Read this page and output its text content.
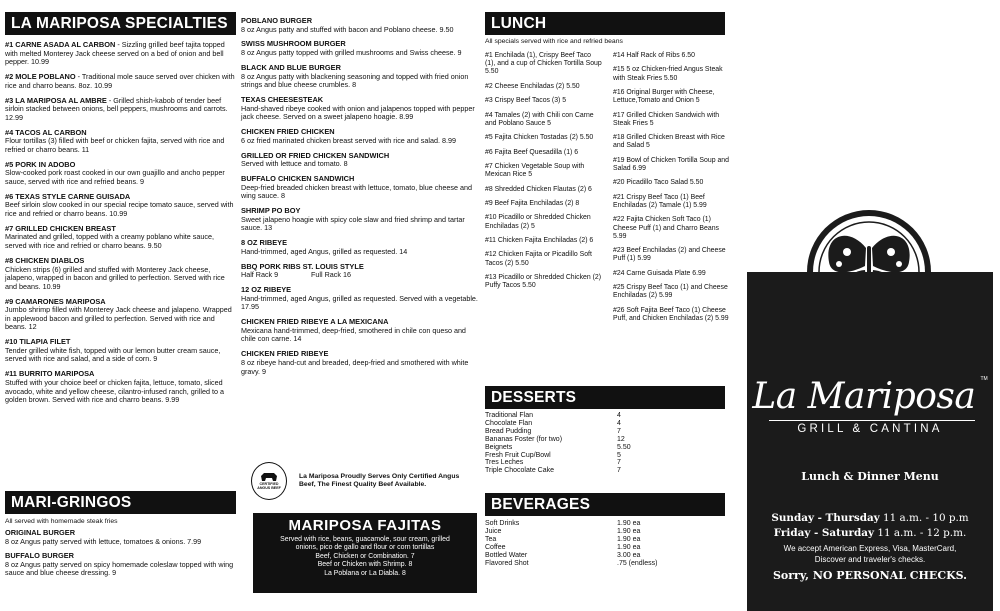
LA MARIPOSA SPECIALTIES
#1 CARNE ASADA AL CARBON - Sizzling grilled beef tajita topped with melted Monterey Jack cheese served on a bed of onion and bell pepper. 10.99
#2 MOLE POBLANO - Traditional mole sauce served over chicken with rice and charro beans. 8oz. 10.99
#3 LA MARIPOSA AL AMBRE - Grilled shish-kabob of tender beef sirloin stacked between onions, bell peppers, mushrooms and carrots. 12.99
#4 TACOS AL CARBON
Flour tortillas (3) filled with beef or chicken fajita, served with rice and refried or charro beans. 11
#5 PORK IN ADOBO
Slow-cooked pork roast cooked in our own guajillo and ancho pepper sauce, served with rice and refried beans. 9
#6 TEXAS STYLE CARNE GUISADA
Beef sirloin slow cooked in our special recipe tomato sauce, served with rice and refried or charro beans. 10.99
#7 GRILLED CHICKEN BREAST
Marinated and grilled, topped with a creamy poblano white sauce, served with rice and refried or charro beans. 9.50
#8 CHICKEN DIABLOS
Chicken strips (6) grilled and stuffed with Monterey Jack cheese, jalapeno, wrapped in bacon and grilled to perfection. Served with rice and beans. 10.99
#9 CAMARONES MARIPOSA
Jumbo shrimp filled with Monterey Jack cheese and jalapeno. Wrapped in applewood bacon and grilled to perfection. Served with rice and beans. 12
#10 TILAPIA FILET
Tender grilled white fish, topped with our lemon butter cream sauce, served with rice and salad, and a side of corn. 9
#11 BURRITO MARIPOSA
Stuffed with your choice beef or chicken fajita, lettuce, tomato, sliced avocado, white and yellow cheese, cilantro-infused ranch, grilled to a golden brown. Served with rice and charro beans. 9.99
MARI-GRINGOS
All served with homemade steak fries
ORIGINAL BURGER
8 oz Angus patty served with lettuce, tomatoes & onions. 7.99
BUFFALO BURGER
8 oz Angus patty served on spicy homemade coleslaw topped with wing sauce and blue cheese dressing. 9
POBLANO BURGER
8 oz Angus patty and stuffed with bacon and Poblano cheese. 9.50
SWISS MUSHROOM BURGER
8 oz Angus patty topped with grilled mushrooms and Swiss cheese. 9
BLACK AND BLUE BURGER
8 oz Angus patty with blackening seasoning and topped with fried onion strings and blue cheese crumbles. 8
TEXAS CHEESESTEAK
Hand-shaved ribeye cooked with onion and jalapenos topped with pepper jack cheese. Served on a sweet jalapeno hoagie. 8.99
CHICKEN FRIED CHICKEN
6 oz fried marinated chicken breast served with rice and salad. 8.99
GRILLED OR FRIED CHICKEN SANDWICH
Served with lettuce and tomato. 8
BUFFALO CHICKEN SANDWICH
Deep-fried breaded chicken breast with lettuce, tomato, blue cheese and wing sauce. 8
SHRIMP PO BOY
Sweet jalapeno hoagie with spicy cole slaw and fried shrimp and tartar sauce. 13
8 OZ RIBEYE
Hand-trimmed, aged Angus, grilled as requested. 14
BBQ PORK RIBS ST. LOUIS STYLE
Half Rack 9	Full Rack 16
12 OZ RIBEYE
Hand-trimmed, aged Angus, grilled as requested. Served with a vegetable. 17.95
CHICKEN FRIED RIBEYE A LA MEXICANA
Mexicana hand-trimmed, deep-fried, smothered in chile con queso and chile con carne. 14
CHICKEN FRIED RIBEYE
8 oz ribeye hand-cut and breaded, deep-fried and smothered with white gravy. 9
CERTIFIED ANGUS BEEF
La Mariposa Proudly Serves Only Certified Angus Beef, The Finest Quality Beef Available.
MARIPOSA FAJITAS
Served with rice, beans, guacamole, sour cream, grilled
onions, pico de gallo and flour or corn tortillas
Beef, Chicken or Combination. 7
Beef or Chicken with Shrimp. 8
La Poblana or La Diabla. 8
LUNCH
All specials served with rice and refried beans
#1 Enchilada (1), Crispy Beef Taco (1), and a cup of Chicken Tortilla Soup 5.50
#2 Cheese Enchiladas (2) 5.50
#3 Crispy Beef Tacos (3) 5
#4 Tamales (2) with Chili con Carne and Poblano Sauce 5
#5 Fajita Chicken Tostadas (2) 5.50
#6 Fajita Beef Quesadilla (1) 6
#7 Chicken Vegetable Soup with Mexican Rice 5
#8 Shredded Chicken Flautas (2) 6
#9 Beef Fajita Enchiladas (2) 8
#10 Picadillo or Shredded Chicken Enchiladas (2) 5
#11 Chicken Fajita Enchiladas (2) 6
#12 Chicken Fajita or Picadillo Soft Tacos (2) 5.50
#13 Picadillo or Shredded Chicken (2) Puffy Tacos 5.50
#14 Half Rack of Ribs 6.50
#15 5 oz Chicken-fried Angus Steak with Steak Fries 5.50
#16 Original Burger with Cheese, Lettuce,Tomato and Onion 5
#17 Grilled Chicken Sandwich with Steak Fries 5
#18 Grilled Chicken Breast with Rice and Salad 5
#19 Bowl of Chicken Tortilla Soup and Salad 6.99
#20 Picadillo Taco Salad 5.50
#21 Crispy Beef Taco (1) Beef Enchiladas (2) Tamale (1) 5.99
#22 Fajita Chicken Soft Taco (1) Cheese Puff (1) and Charro Beans 5.99
#23 Beef Enchiladas (2) and Cheese Puff (1) 5.99
#24 Carne Guisada Plate 6.99
#25 Crispy Beef Taco (1) and Cheese Enchiladas (2) 5.99
#26 Soft Fajita Beef Taco (1) Cheese Puff, and Chicken Enchiladas (2) 5.99
DESSERTS
Traditional Flan	4
Chocolate Flan	4
Bread Pudding	7
Bananas Foster (for two)	12
Beignets	5.50
Fresh Fruit Cup/Bowl	5
Tres Leches	7
Triple Chocolate Cake	7
BEVERAGES
Soft Drinks	1.90 ea
Juice	1.90 ea
Tea	1.90 ea
Coffee	1.90 ea
Bottled Water	3.00 ea
Flavored Shot	.75 (endless)
La Mariposa ™
GRILL & CANTINA
Lunch & Dinner Menu
Sunday - Thursday 11 a.m. - 10 p.m
Friday - Saturday 11 a.m. - 12 p.m.
We accept American Express, Visa, MasterCard,
Discover and traveler's checks.
Sorry, NO PERSONAL CHECKS.
